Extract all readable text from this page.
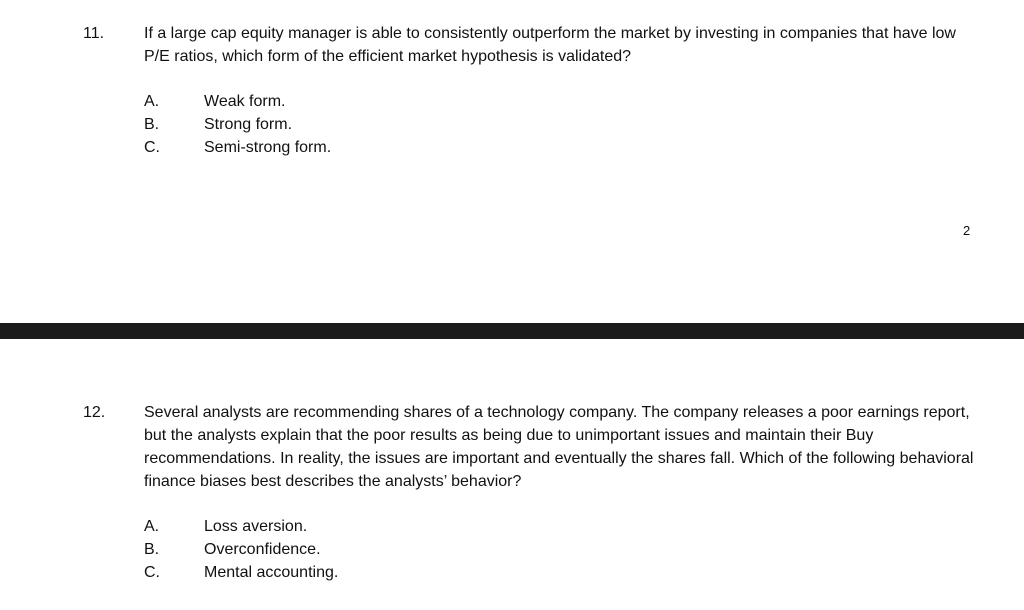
11.	If a large cap equity manager is able to consistently outperform the market by investing in companies that have low P/E ratios, which form of the efficient market hypothesis is validated?
A.	Weak form.
B.	Strong form.
C.	Semi-strong form.
2
12.	Several analysts are recommending shares of a technology company. The company releases a poor earnings report, but the analysts explain that the poor results as being due to unimportant issues and maintain their Buy recommendations. In reality, the issues are important and eventually the shares fall. Which of the following behavioral finance biases best describes the analysts’ behavior?
A.	Loss aversion.
B.	Overconfidence.
C.	Mental accounting.
